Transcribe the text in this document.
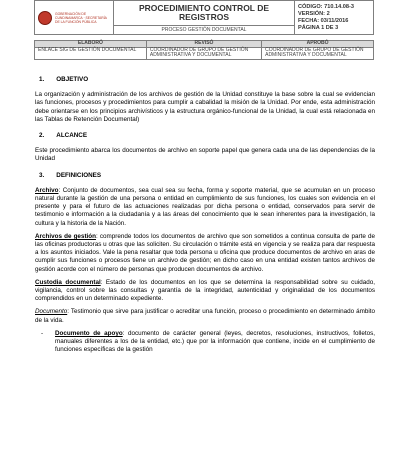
GOBERNACIÓN DE
CUNDINAMARCA · SECRETARÍA
DE LA FUNCIÓN PÚBLICA
	PROCEDIMIENTO CONTROL DE
REGISTROS	CÓDIGO: 710.14.08-3
VERSIÓN: 2
FECHA: 03/11/2016
PÁGINA 1 DE 3
PROCESO GESTIÓN DOCUMENTAL
ELABORÓ	REVISÓ	APROBÓ
ENLACE SIG DE GESTIÓN DOCUMENTAL	COORDINADOR DE GRUPO DE GESTIÓN ADMINISTRATIVA Y DOCUMENTAL	COORDINADOR DE GRUPO DE GESTIÓN ADMINISTRATIVA Y DOCUMENTAL
1. OBJETIVO

La organización y administración de los archivos de gestión de la Unidad constituye la base sobre la cual se evidencian las funciones, procesos y procedimientos para cumplir a cabalidad la misión de la Unidad. Por ende, esta administración debe orientarse en los principios archivísticos y la estructura orgánico-funcional de la Unidad, la cual está relacionada en las Tablas de Retención Documental)

2. ALCANCE

Este procedimiento abarca los documentos de archivo en soporte papel que genera cada una de las dependencias de la Unidad

3. DEFINICIONES

Archivo: Conjunto de documentos, sea cual sea su fecha, forma y soporte material, que se acumulan en un proceso natural durante la gestión de una persona o entidad en cumplimiento de sus funciones, los cuales son evidencia en el presente y para el futuro de las actuaciones realizadas por dicha persona o entidad, conservados para servir de testimonio e información a la ciudadanía y a las áreas del conocimiento que le sean inherentes para la investigación, la cultura y la historia de la Nación.

Archivos de gestión: comprende todos los documentos de archivo que son sometidos a continua consulta de parte de las oficinas productoras u otras que las soliciten. Su circulación o trámite está en vigencia y se realiza para dar respuesta a los asuntos iniciados. Vale la pena resaltar que toda persona u oficina que produce documentos de archivo en aras de cumplir sus funciones o procesos tiene un archivo de gestión; en dicho caso en una entidad existen tantos archivos de gestión acorde con el número de personas que producen documentos de archivo.

Custodia documental: Estado de los documentos en los que se determina la responsabilidad sobre su cuidado, vigilancia, control sobre las consultas y garantía de la integridad, autenticidad y originalidad de los documentos comprendidos en un determinado expediente.

Documento: Testimonio que sirve para justificar o acreditar una función, proceso o procedimiento en determinado ámbito de la vida.

-	Documento de apoyo: documento de carácter general (leyes, decretos, resoluciones, instructivos, folletos, manuales diferentes a los de la entidad, etc.) que por la información que contiene, incide en el cumplimiento de funciones específicas de la gestión
